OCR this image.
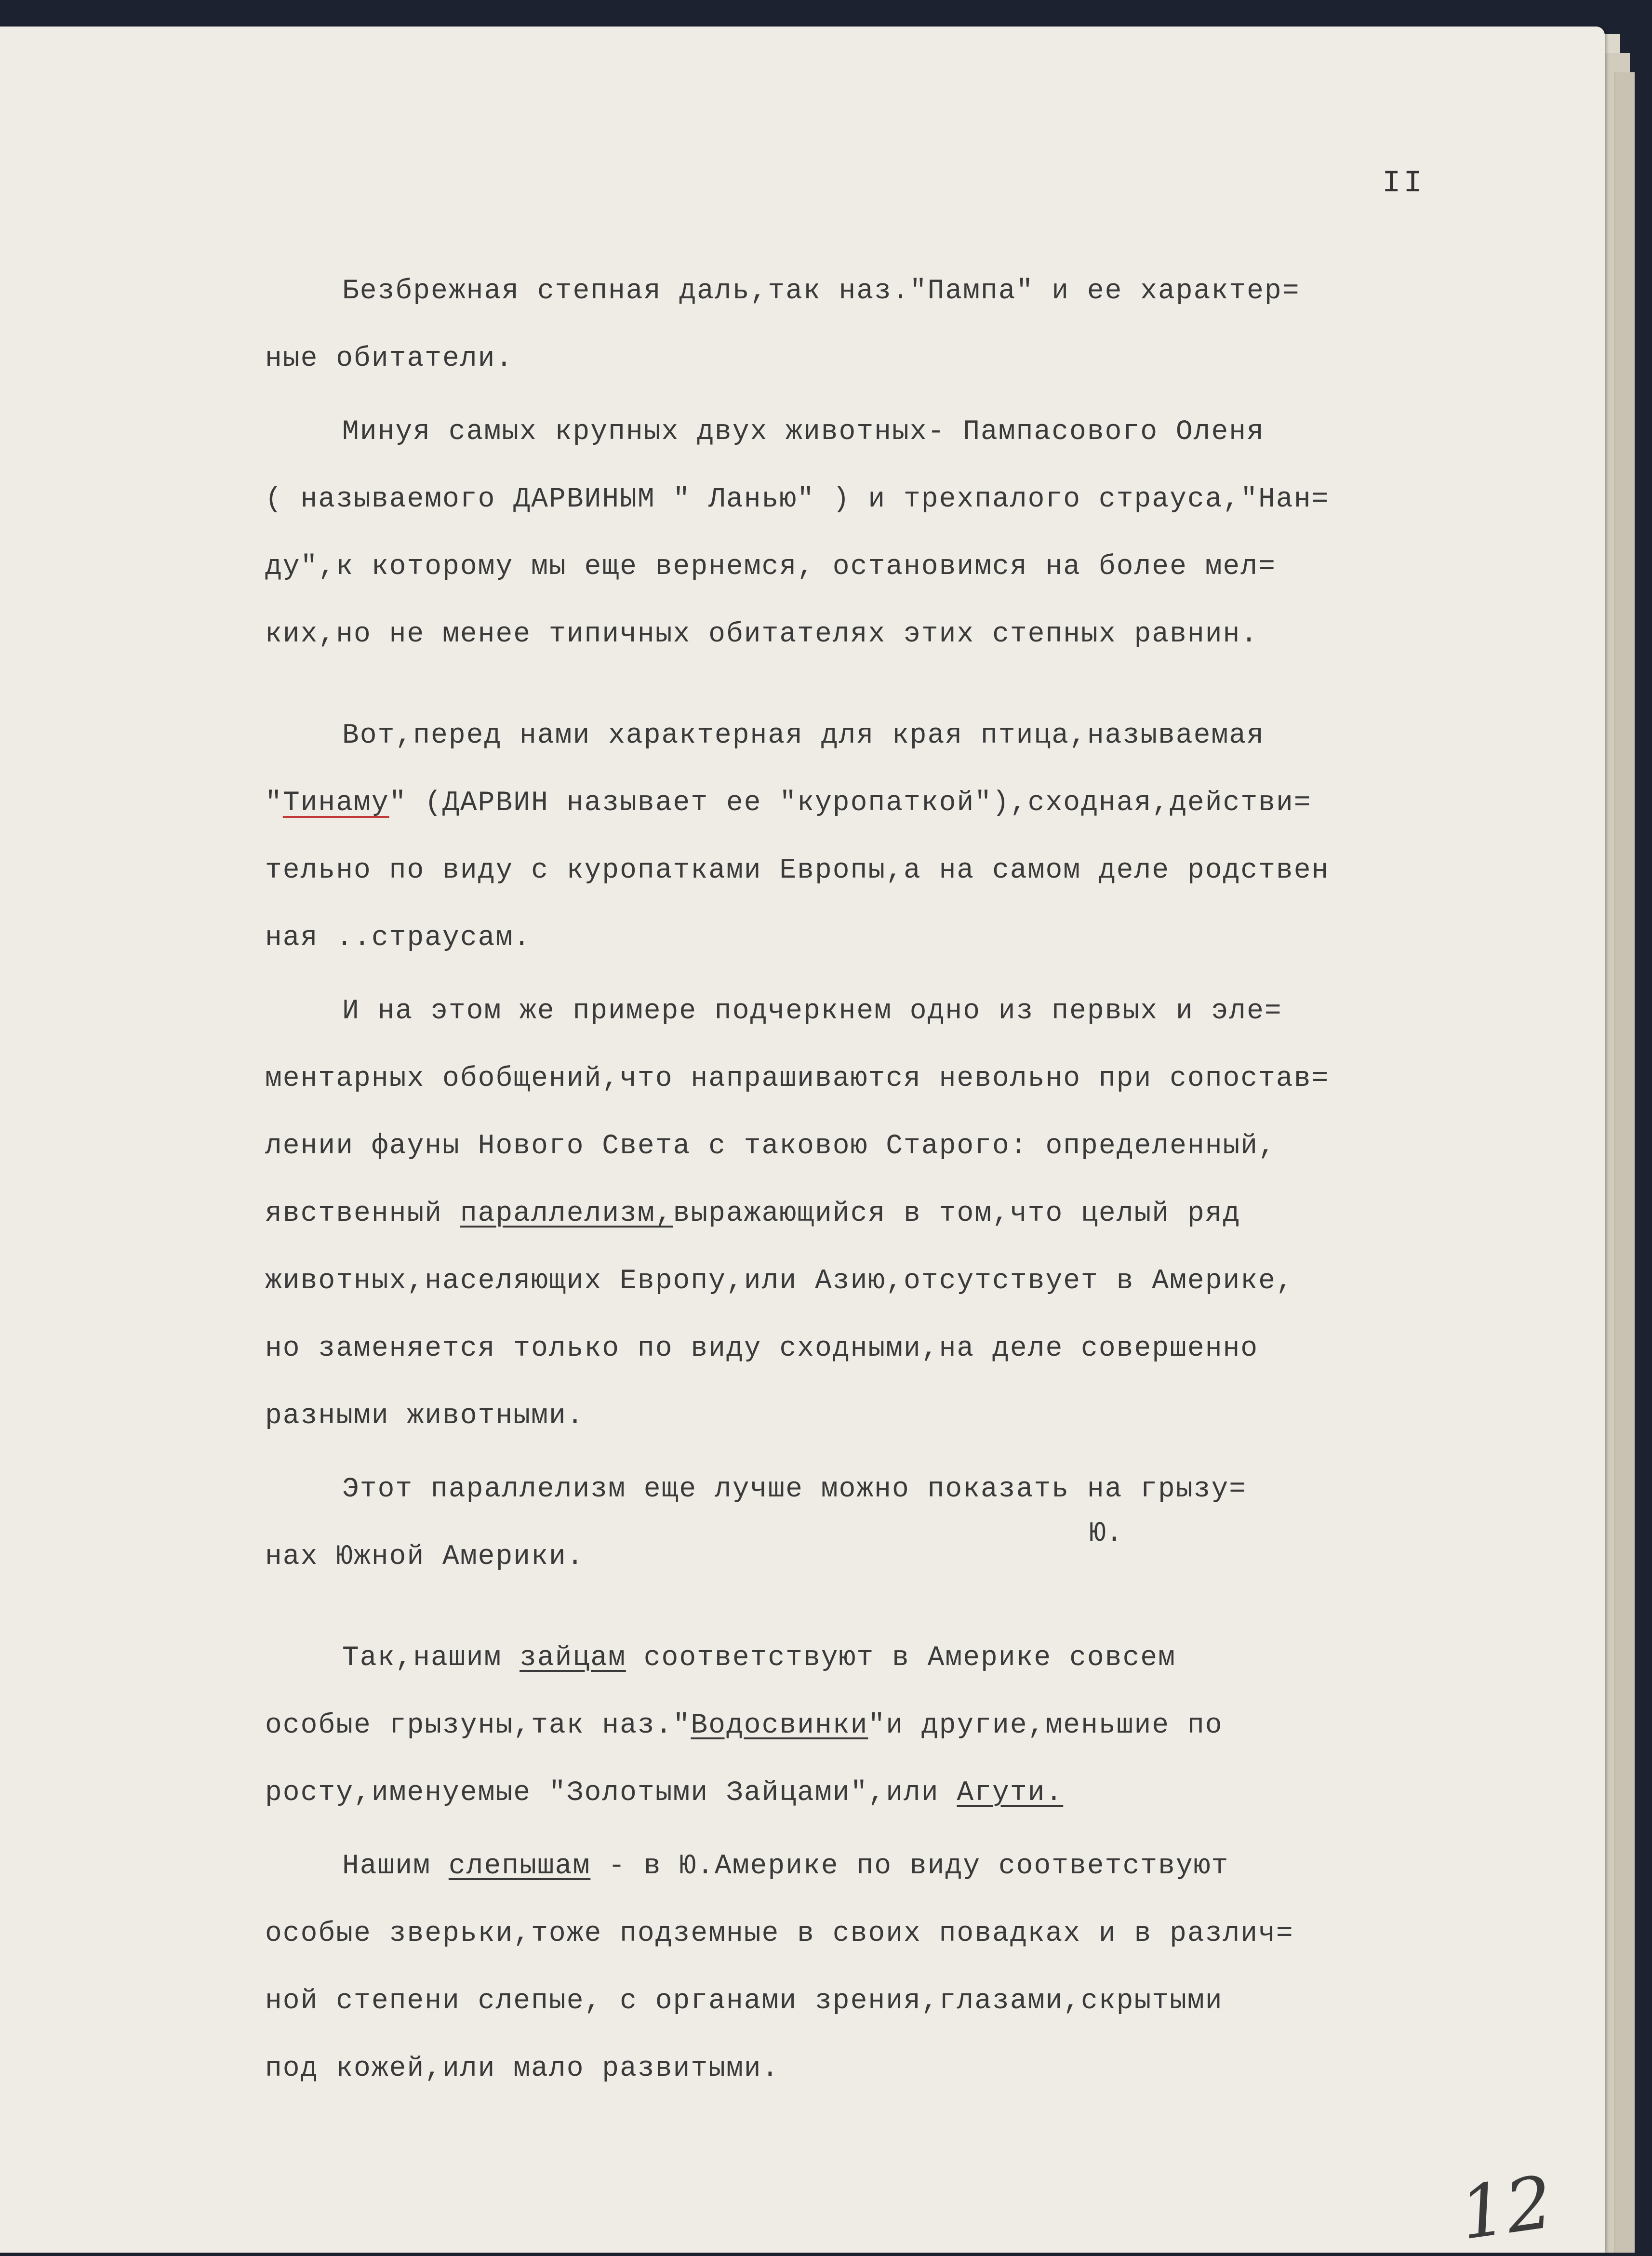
II
Ю.

Безбрежная степная даль,так наз."Пампа" и ее характер=
ные обитатели.

Минуя самых крупных двух животных- Пампасового Оленя
( называемого ДАРВИНЫМ " Ланью" ) и трехпалого страуса,"Нан=
ду",к которому мы еще вернемся, остановимся на более мел=
ких,но не менее типичных обитателях этих степных равнин.

Вот,перед нами характерная для края птица,называемая
"Тинаму" (ДАРВИН называет ее "куропаткой"),сходная,действи=
тельно по виду с куропатками Европы,а на самом деле родствен
ная ..страусам.

И на этом же примере подчеркнем одно из первых и эле=
ментарных обобщений,что напрашиваются невольно при сопостав=
лении фауны Нового Света с таковою Старого: определенный,
явственный параллелизм,выражающийся в том,что целый ряд
животных,населяющих Европу,или Азию,отсутствует в Америке,
но заменяется только по виду сходными,на деле совершенно
разными животными.

Этот параллелизм еще лучше можно показать на грызу=
нах Южной Америки.

Так,нашим зайцам соответствуют в Америке совсем
особые грызуны,так наз."Водосвинки"и другие,меньшие по
росту,именуемые "Золотыми Зайцами",или Агути.

Нашим слепышам - в Ю.Америке по виду соответствуют
особые зверьки,тоже подземные в своих повадках и в различ=
ной степени слепые, с органами зрения,глазами,скрытыми
под кожей,или мало развитыми.

12
